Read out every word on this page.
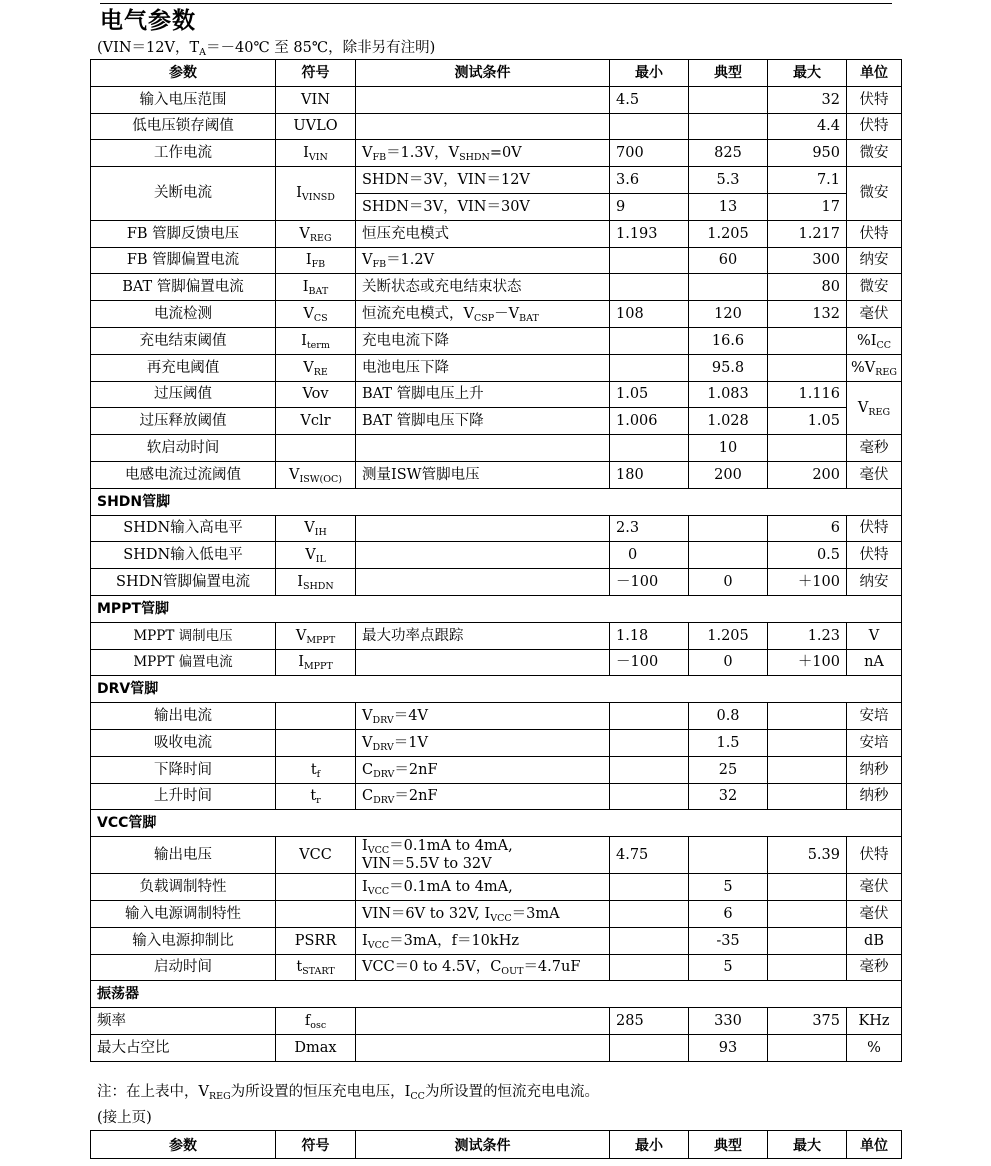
电气参数
(VIN＝12V，$T_A=-40℃$ 至 85℃，除非另有注明)
参数	符号	测试条件	最小	典型	最大	单位
输入电压范围	VIN		4.5		32	伏特
低电压锁存阈值	UVLO				4.4	伏特
工作电流	$I_{VIN}$	$V_{FB}=1.3V$，$V_{SHDN}=0V$	700	825	950	微安
关断电流	$I_{VINSD}$	SHDN＝3V，VIN＝12V	3.6	5.3	7.1	微安
		SHDN＝3V，VIN＝30V	9	13	17	
FB 管脚反馈电压	$V_{REG}$	恒压充电模式	1.193	1.205	1.217	伏特
FB 管脚偏置电流	$I_{FB}$	$V_{FB}=1.2V$		60	300	纳安
BAT 管脚偏置电流	$I_{BAT}$	关断状态或充电结束状态			80	微安
电流检测	$V_{CS}$	恒流充电模式，$V_{CSP}-V_{BAT}$	108	120	132	毫伏
充电结束阈值	$I_{term}$	充电电流下降		16.6		$\%I_{CC}$
再充电阈值	$V_{RE}$	电池电压下降		95.8		$\%V_{REG}$
过压阈值	Vov	BAT 管脚电压上升	1.05	1.083	1.116	$V_{REG}$
过压释放阈值	Vclr	BAT 管脚电压下降	1.006	1.028	1.05	
软启动时间				10		毫秒
电感电流过流阈值	$V_{ISW(OC)}$	测量ISW管脚电压	180	200	200	毫伏
SHDN管脚						
SHDN输入高电平	$V_{IH}$		2.3		6	伏特
SHDN输入低电平	$V_{IL}$		0		0.5	伏特
SHDN管脚偏置电流	$I_{SHDN}$		－100	0	＋100	纳安
MPPT管脚						
MPPT 调制电压	$V_{MPPT}$	最大功率点跟踪	1.18	1.205	1.23	V
MPPT 偏置电流	$I_{MPPT}$		－100	0	＋100	nA
DRV管脚						
输出电流		$V_{DRV}=4V$		0.8		安培
吸收电流		$V_{DRV}=1V$		1.5		安培
下降时间	$t_f$	$C_{DRV}=2nF$		25		纳秒
上升时间	$t_r$	$C_{DRV}=2nF$		32		纳秒
VCC管脚						
输出电压	VCC	$I_{VCC}=0.1mA$ to 4mA,
VIN＝5.5V to 32V	4.75		5.39	伏特
负载调制特性		$I_{VCC}=0.1mA$ to 4mA,		5		毫伏
输入电源调制特性		VIN＝6V to 32V, $I_{VCC}=3mA$		6		毫伏
输入电源抑制比	PSRR	$I_{VCC}=3mA$，f＝10kHz		-35		dB
启动时间	$t_{START}$	VCC＝0 to 4.5V，$C_{OUT}=4.7uF$		5		毫秒
振荡器						
频率	$f_{osc}$		285	330	375	KHz
最大占空比	Dmax			93		%
注：在上表中，$V_{REG}$为所设置的恒压充电电压，$I_{CC}$为所设置的恒流充电电流。
(接上页)
参数	符号	测试条件	最小	典型	最大	单位
